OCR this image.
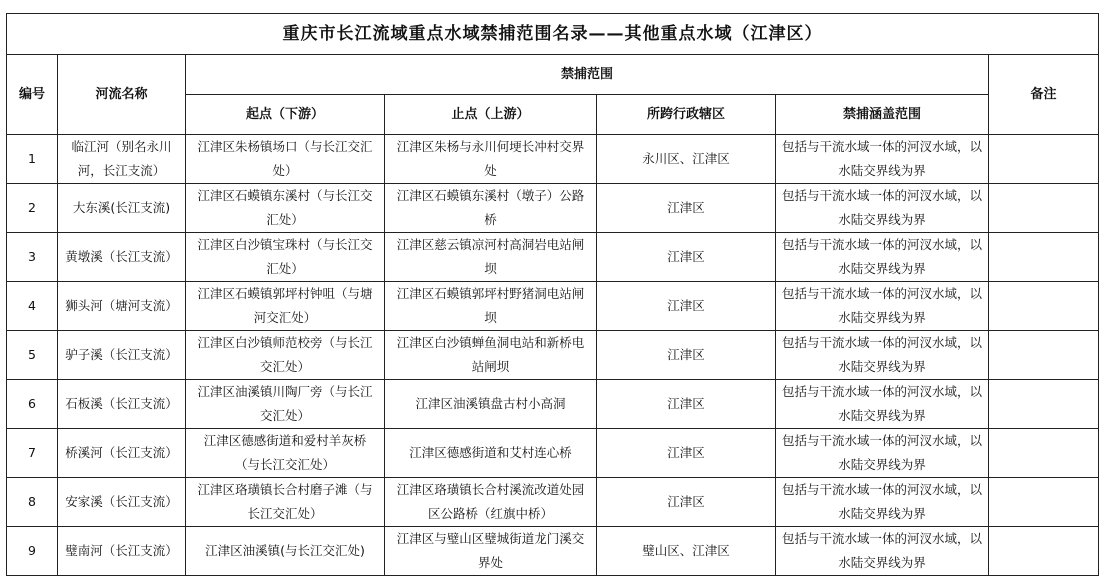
重庆市长江流域重点水域禁捕范围名录——其他重点水域（江津区）						
编号	河流名称	禁捕范围				备注
		起点（下游）	止点（上游）	所跨行政辖区	禁捕涵盖范围	
1	临江河（别名永川河，长江支流）	江津区朱杨镇场口（与长江交汇处）	江津区朱杨与永川何埂长冲村交界处	永川区、江津区	包括与干流水域一体的河汊水域，以水陆交界线为界	
2	大东溪(长江支流)	江津区石蟆镇东溪村（与长江交汇处）	江津区石蟆镇东溪村（墩子）公路桥	江津区	包括与干流水域一体的河汊水域，以水陆交界线为界	
3	黄墩溪（长江支流）	江津区白沙镇宝珠村（与长江交汇处）	江津区慈云镇凉河村高洞岩电站闸坝	江津区	包括与干流水域一体的河汊水域，以水陆交界线为界	
4	狮头河（塘河支流）	江津区石蟆镇郭坪村钟咀（与塘河交汇处）	江津区石蟆镇郭坪村野猪洞电站闸坝	江津区	包括与干流水域一体的河汊水域，以水陆交界线为界	
5	驴子溪（长江支流）	江津区白沙镇师范校旁（与长江交汇处）	江津区白沙镇蝉鱼洞电站和新桥电站闸坝	江津区	包括与干流水域一体的河汊水域，以水陆交界线为界	
6	石板溪（长江支流）	江津区油溪镇川陶厂旁（与长江交汇处）	江津区油溪镇盘古村小高洞	江津区	包括与干流水域一体的河汊水域，以水陆交界线为界	
7	桥溪河（长江支流）	江津区德感街道和爱村羊灰桥（与长江交汇处）	江津区德感街道和艾村连心桥	江津区	包括与干流水域一体的河汊水域，以水陆交界线为界	
8	安家溪（长江支流）	江津区珞璜镇长合村磨子滩（与长江交汇处）	江津区珞璜镇长合村溪流改道处园区公路桥（红旗中桥）	江津区	包括与干流水域一体的河汊水域，以水陆交界线为界	
9	璧南河（长江支流）	江津区油溪镇(与长江交汇处)	江津区与璧山区璧城街道龙门溪交界处	璧山区、江津区	包括与干流水域一体的河汊水域，以水陆交界线为界	
